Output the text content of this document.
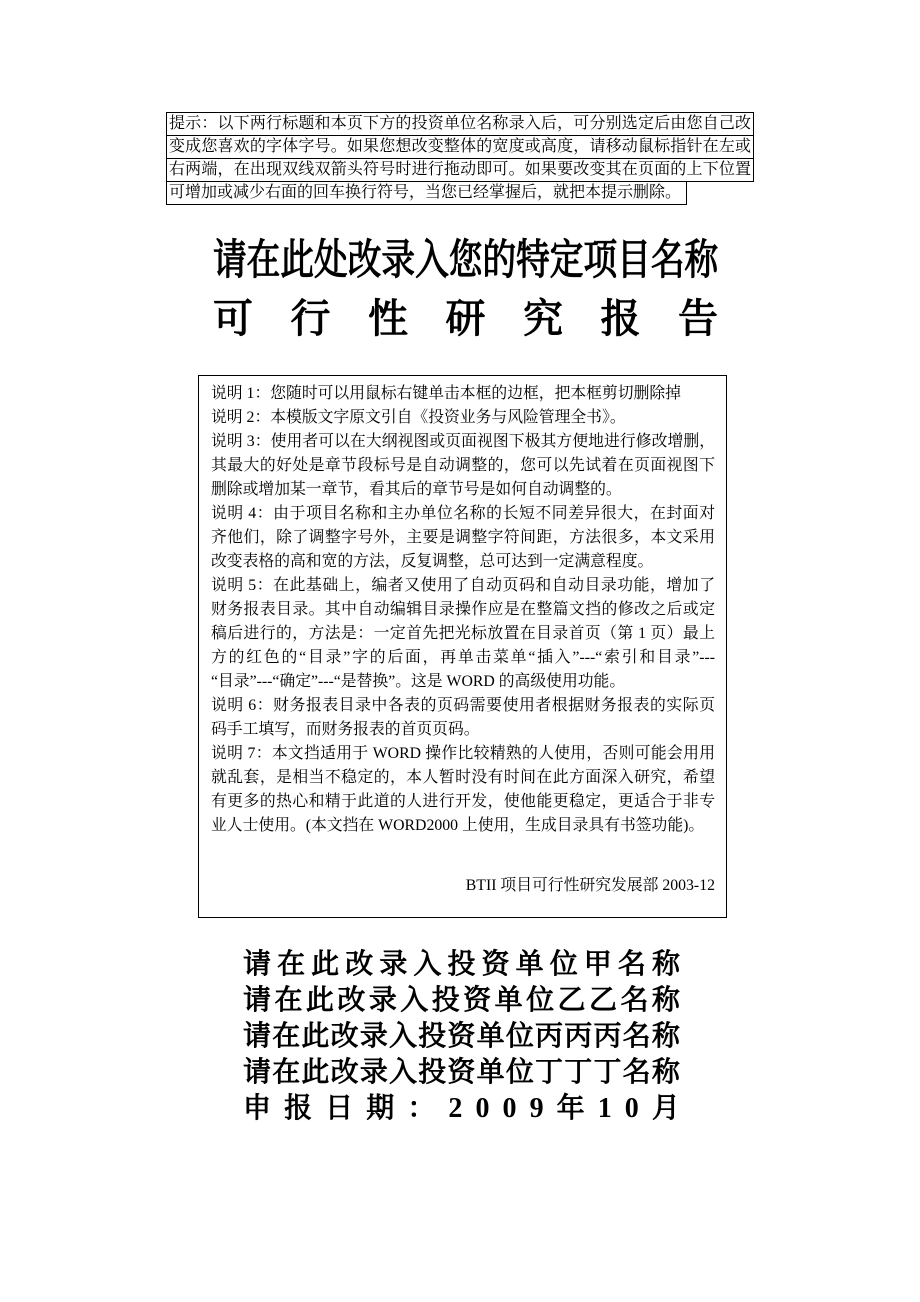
提示：以下两行标题和本页下方的投资单位名称录入后，可分别选定后由您自己改
变成您喜欢的字体字号。如果您想改变整体的宽度或高度，请移动鼠标指针在左或
右两端，在出现双线双箭头符号时进行拖动即可。如果要改变其在页面的上下位置
可增加或减少右面的回车换行符号，当您已经掌握后，就把本提示删除。
请 在 此 处 改 录 入 您 的 特 定 项 目 名 称
可 行 性 研 究 报 告
说明 1：您随时可以用鼠标右键单击本框的边框，把本框剪切删除掉
说明 2：本模版文字原文引自《投资业务与风险管理全书》。
说明 3：使用者可以在大纲视图或页面视图下极其方便地进行修改增删，
其最大的好处是章节段标号是自动调整的，您可以先试着在页面视图下
删除或增加某一章节，看其后的章节号是如何自动调整的。
说明 4：由于项目名称和主办单位名称的长短不同差异很大，在封面对
齐他们，除了调整字号外，主要是调整字符间距，方法很多，本文采用
改变表格的高和宽的方法，反复调整，总可达到一定满意程度。
说明 5：在此基础上，编者又使用了自动页码和自动目录功能，增加了
财务报表目录。其中自动编辑目录操作应是在整篇文挡的修改之后或定
稿后进行的，方法是：一定首先把光标放置在目录首页（第 1 页）最上
方的红色的“目录”字的后面，再单击菜单“插入”---“索引和目录”---
“目录”---“确定”---“是替换”。这是 WORD 的高级使用功能。
说明 6：财务报表目录中各表的页码需要使用者根据财务报表的实际页
码手工填写，而财务报表的首页页码。
说明 7：本文挡适用于 WORD 操作比较精熟的人使用，否则可能会用用
就乱套，是相当不稳定的，本人暂时没有时间在此方面深入研究，希望
有更多的热心和精于此道的人进行开发，使他能更稳定，更适合于非专
业人士使用。(本文挡在 WORD2000 上使用，生成目录具有书签功能)。
BTII 项目可行性研究发展部 2003-12
请 在 此 改 录 入 投 资 单 位 甲 名 称
请 在 此 改 录 入 投 资 单 位 乙 乙 名 称
请 在 此 改 录 入 投 资 单 位 丙 丙 丙 名 称
请 在 此 改 录 入 投 资 单 位 丁 丁 丁 名 称
申 报 日 期 ： 2 0 0 9 年 1 0 月
